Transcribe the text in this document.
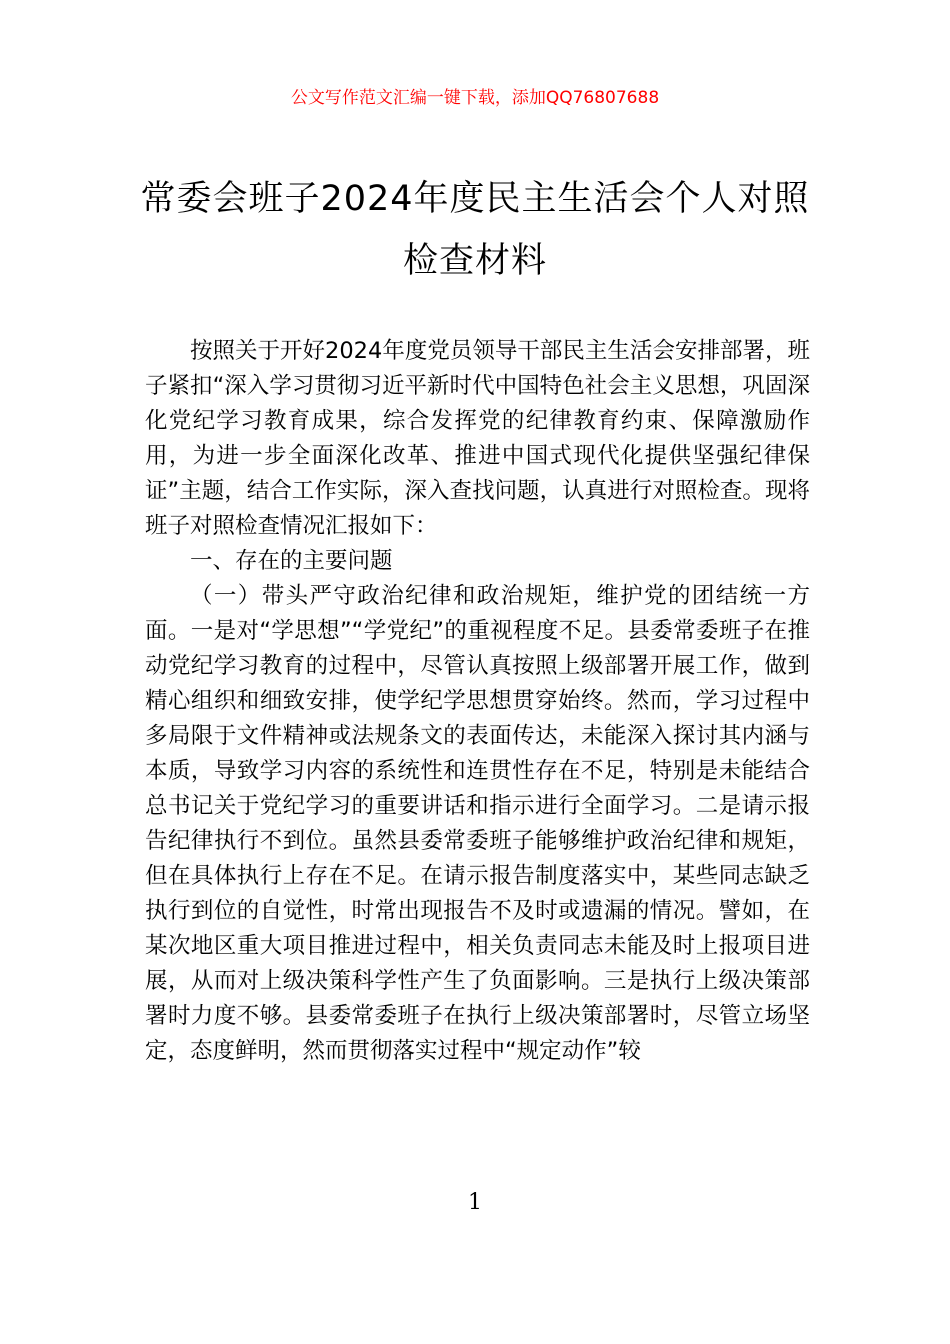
公文写作范文汇编一键下载，添加QQ76807688
常委会班子2024年度民主生活会个人对照
检查材料

按照关于开好2024年度党员领导干部民主生活会安排部署，班子紧扣“深入学习贯彻习近平新时代中国特色社会主义思想，巩固深化党纪学习教育成果，综合发挥党的纪律教育约束、保障激励作用，为进一步全面深化改革、推进中国式现代化提供坚强纪律保证”主题，结合工作实际，深入查找问题，认真进行对照检查。现将班子对照检查情况汇报如下：

一、存在的主要问题

（一）带头严守政治纪律和政治规矩，维护党的团结统一方面。一是对“学思想”“学党纪”的重视程度不足。县委常委班子在推动党纪学习教育的过程中，尽管认真按照上级部署开展工作，做到精心组织和细致安排，使学纪学思想贯穿始终。然而，学习过程中多局限于文件精神或法规条文的表面传达，未能深入探讨其内涵与本质，导致学习内容的系统性和连贯性存在不足，特别是未能结合总书记关于党纪学习的重要讲话和指示进行全面学习。二是请示报告纪律执行不到位。虽然县委常委班子能够维护政治纪律和规矩，但在具体执行上存在不足。在请示报告制度落实中，某些同志缺乏执行到位的自觉性，时常出现报告不及时或遗漏的情况。譬如，在某次地区重大项目推进过程中，相关负责同志未能及时上报项目进展，从而对上级决策科学性产生了负面影响。三是执行上级决策部署时力度不够。县委常委班子在执行上级决策部署时，尽管立场坚定，态度鲜明，然而贯彻落实过程中“规定动作”较

1
